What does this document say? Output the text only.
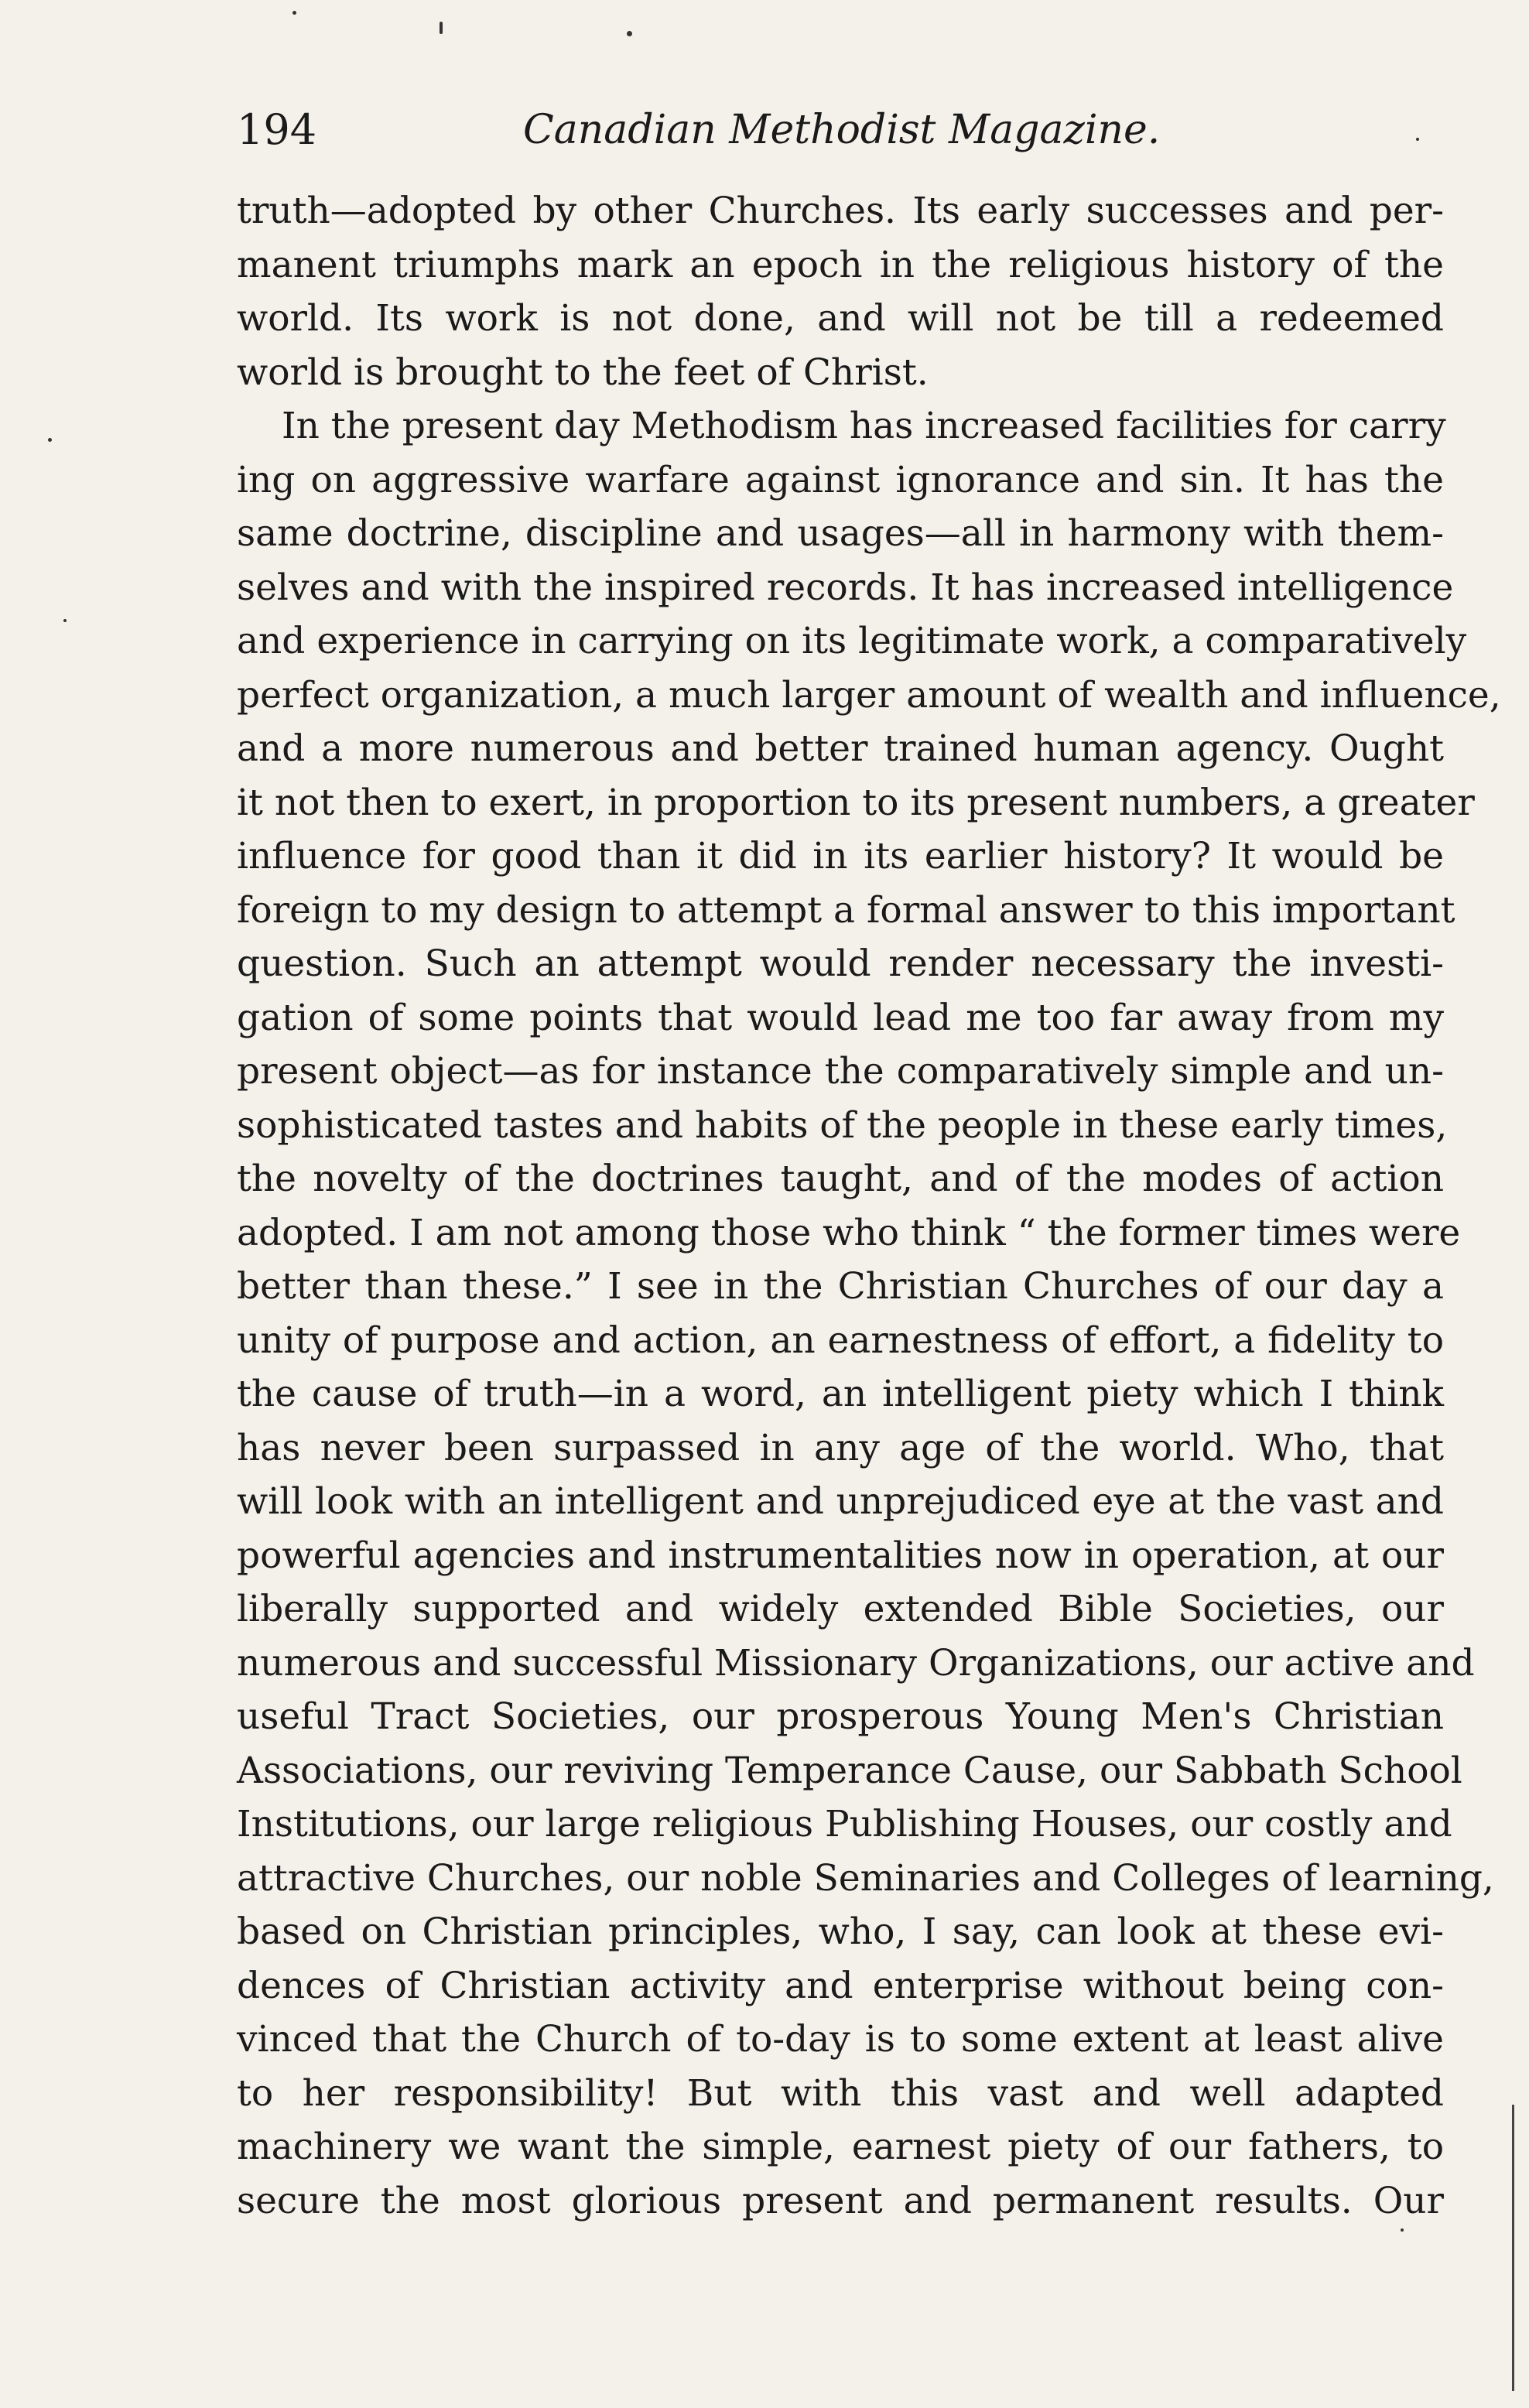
194	Canadian Methodist Magazine.
truth—adopted by other Churches. Its early successes and per-
manent triumphs mark an epoch in the religious history of the
world. Its work is not done, and will not be till a redeemed
world is brought to the feet of Christ.
In the present day Methodism has increased facilities for carry
ing on aggressive warfare against ignorance and sin. It has the
same doctrine, discipline and usages—all in harmony with them-
selves and with the inspired records. It has increased intelligence
and experience in carrying on its legitimate work, a comparatively
perfect organization, a much larger amount of wealth and influence,
and a more numerous and better trained human agency. Ought
it not then to exert, in proportion to its present numbers, a greater
influence for good than it did in its earlier history? It would be
foreign to my design to attempt a formal answer to this important
question. Such an attempt would render necessary the investi-
gation of some points that would lead me too far away from my
present object—as for instance the comparatively simple and un-
sophisticated tastes and habits of the people in these early times,
the novelty of the doctrines taught, and of the modes of action
adopted. I am not among those who think “ the former times were
better than these.” I see in the Christian Churches of our day a
unity of purpose and action, an earnestness of effort, a fidelity to
the cause of truth—in a word, an intelligent piety which I think
has never been surpassed in any age of the world. Who, that
will look with an intelligent and unprejudiced eye at the vast and
powerful agencies and instrumentalities now in operation, at our
liberally supported and widely extended Bible Societies, our
numerous and successful Missionary Organizations, our active and
useful Tract Societies, our prosperous Young Men's Christian
Associations, our reviving Temperance Cause, our Sabbath School
Institutions, our large religious Publishing Houses, our costly and
attractive Churches, our noble Seminaries and Colleges of learning,
based on Christian principles, who, I say, can look at these evi-
dences of Christian activity and enterprise without being con-
vinced that the Church of to-day is to some extent at least alive
to her responsibility! But with this vast and well adapted
machinery we want the simple, earnest piety of our fathers, to
secure the most glorious present and permanent results. Our
